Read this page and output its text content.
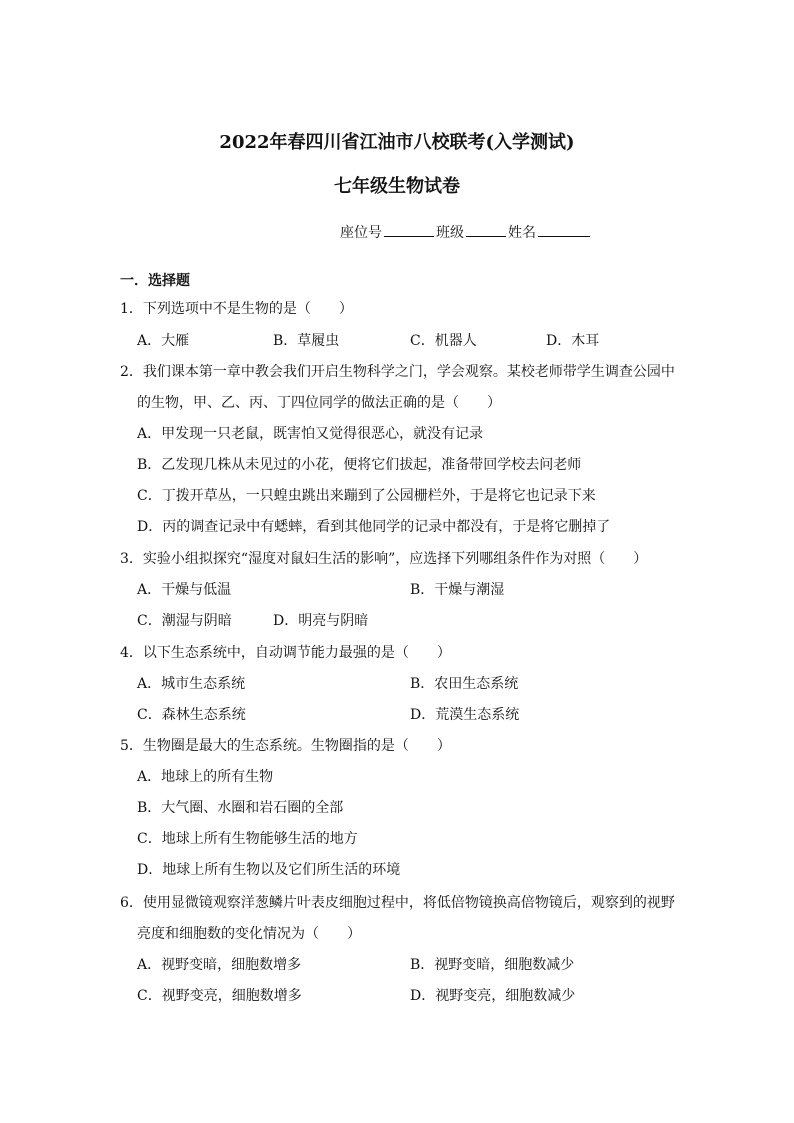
2022年春四川省江油市八校联考(入学测试)
七年级生物试卷
座位号	班级	姓名
一．选择题
1．下列选项中不是生物的是（　　）
A．大雁	B．草履虫	C．机器人	D．木耳
2．我们课本第一章中教会我们开启生物科学之门，学会观察。某校老师带学生调查公园中
的生物，甲、乙、丙、丁四位同学的做法正确的是（　　）
A．甲发现一只老鼠，既害怕又觉得很恶心，就没有记录
B．乙发现几株从未见过的小花，便将它们拔起，准备带回学校去问老师
C．丁拨开草丛，一只蝗虫跳出来蹦到了公园栅栏外，于是将它也记录下来
D．丙的调查记录中有蟋蟀，看到其他同学的记录中都没有，于是将它删掉了
3．实验小组拟探究“湿度对鼠妇生活的影响”，应选择下列哪组条件作为对照（　　）
A．干燥与低温	B．干燥与潮湿
C．潮湿与阴暗	D．明亮与阴暗
4．以下生态系统中，自动调节能力最强的是（　　）
A．城市生态系统	B．农田生态系统
C．森林生态系统	D．荒漠生态系统
5．生物圈是最大的生态系统。生物圈指的是（　　）
A．地球上的所有生物
B．大气圈、水圈和岩石圈的全部
C．地球上所有生物能够生活的地方
D．地球上所有生物以及它们所生活的环境
6．使用显微镜观察洋葱鳞片叶表皮细胞过程中，将低倍物镜换高倍物镜后，观察到的视野
亮度和细胞数的变化情况为（　　）
A．视野变暗，细胞数增多	B．视野变暗，细胞数减少
C．视野变亮，细胞数增多	D．视野变亮，细胞数减少
